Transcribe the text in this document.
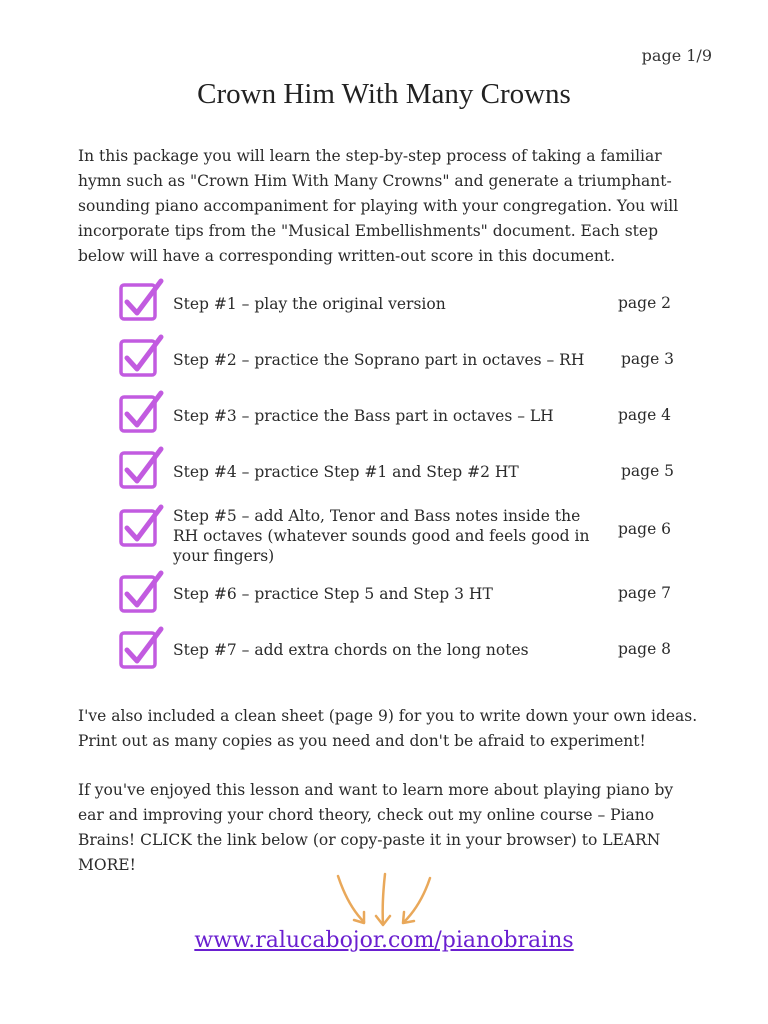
page 1/9
Crown Him With Many Crowns

In this package you will learn the step-by-step process of taking a familiar hymn such as "Crown Him With Many Crowns" and generate a triumphant-sounding piano accompaniment for playing with your congregation. You will incorporate tips from the "Musical Embellishments" document. Each step below will have a corresponding written-out score in this document.

Step #1 – play the original version	page 2
Step #2 – practice the Soprano part in octaves – RH	page 3
Step #3 – practice the Bass part in octaves – LH	page 4
Step #4 – practice Step #1 and Step #2 HT	page 5
Step #5 – add Alto, Tenor and Bass notes inside the RH octaves (whatever sounds good and feels good in your fingers)
page 6
Step #6 – practice Step 5 and Step 3 HT	page 7
Step #7 – add extra chords on the long notes	page 8

I've also included a clean sheet (page 9) for you to write down your own ideas. Print out as many copies as you need and don't be afraid to experiment!

If you've enjoyed this lesson and want to learn more about playing piano by ear and improving your chord theory, check out my online course – Piano Brains! CLICK the link below (or copy-paste it in your browser) to LEARN MORE!

www.ralucabojor.com/pianobrains
